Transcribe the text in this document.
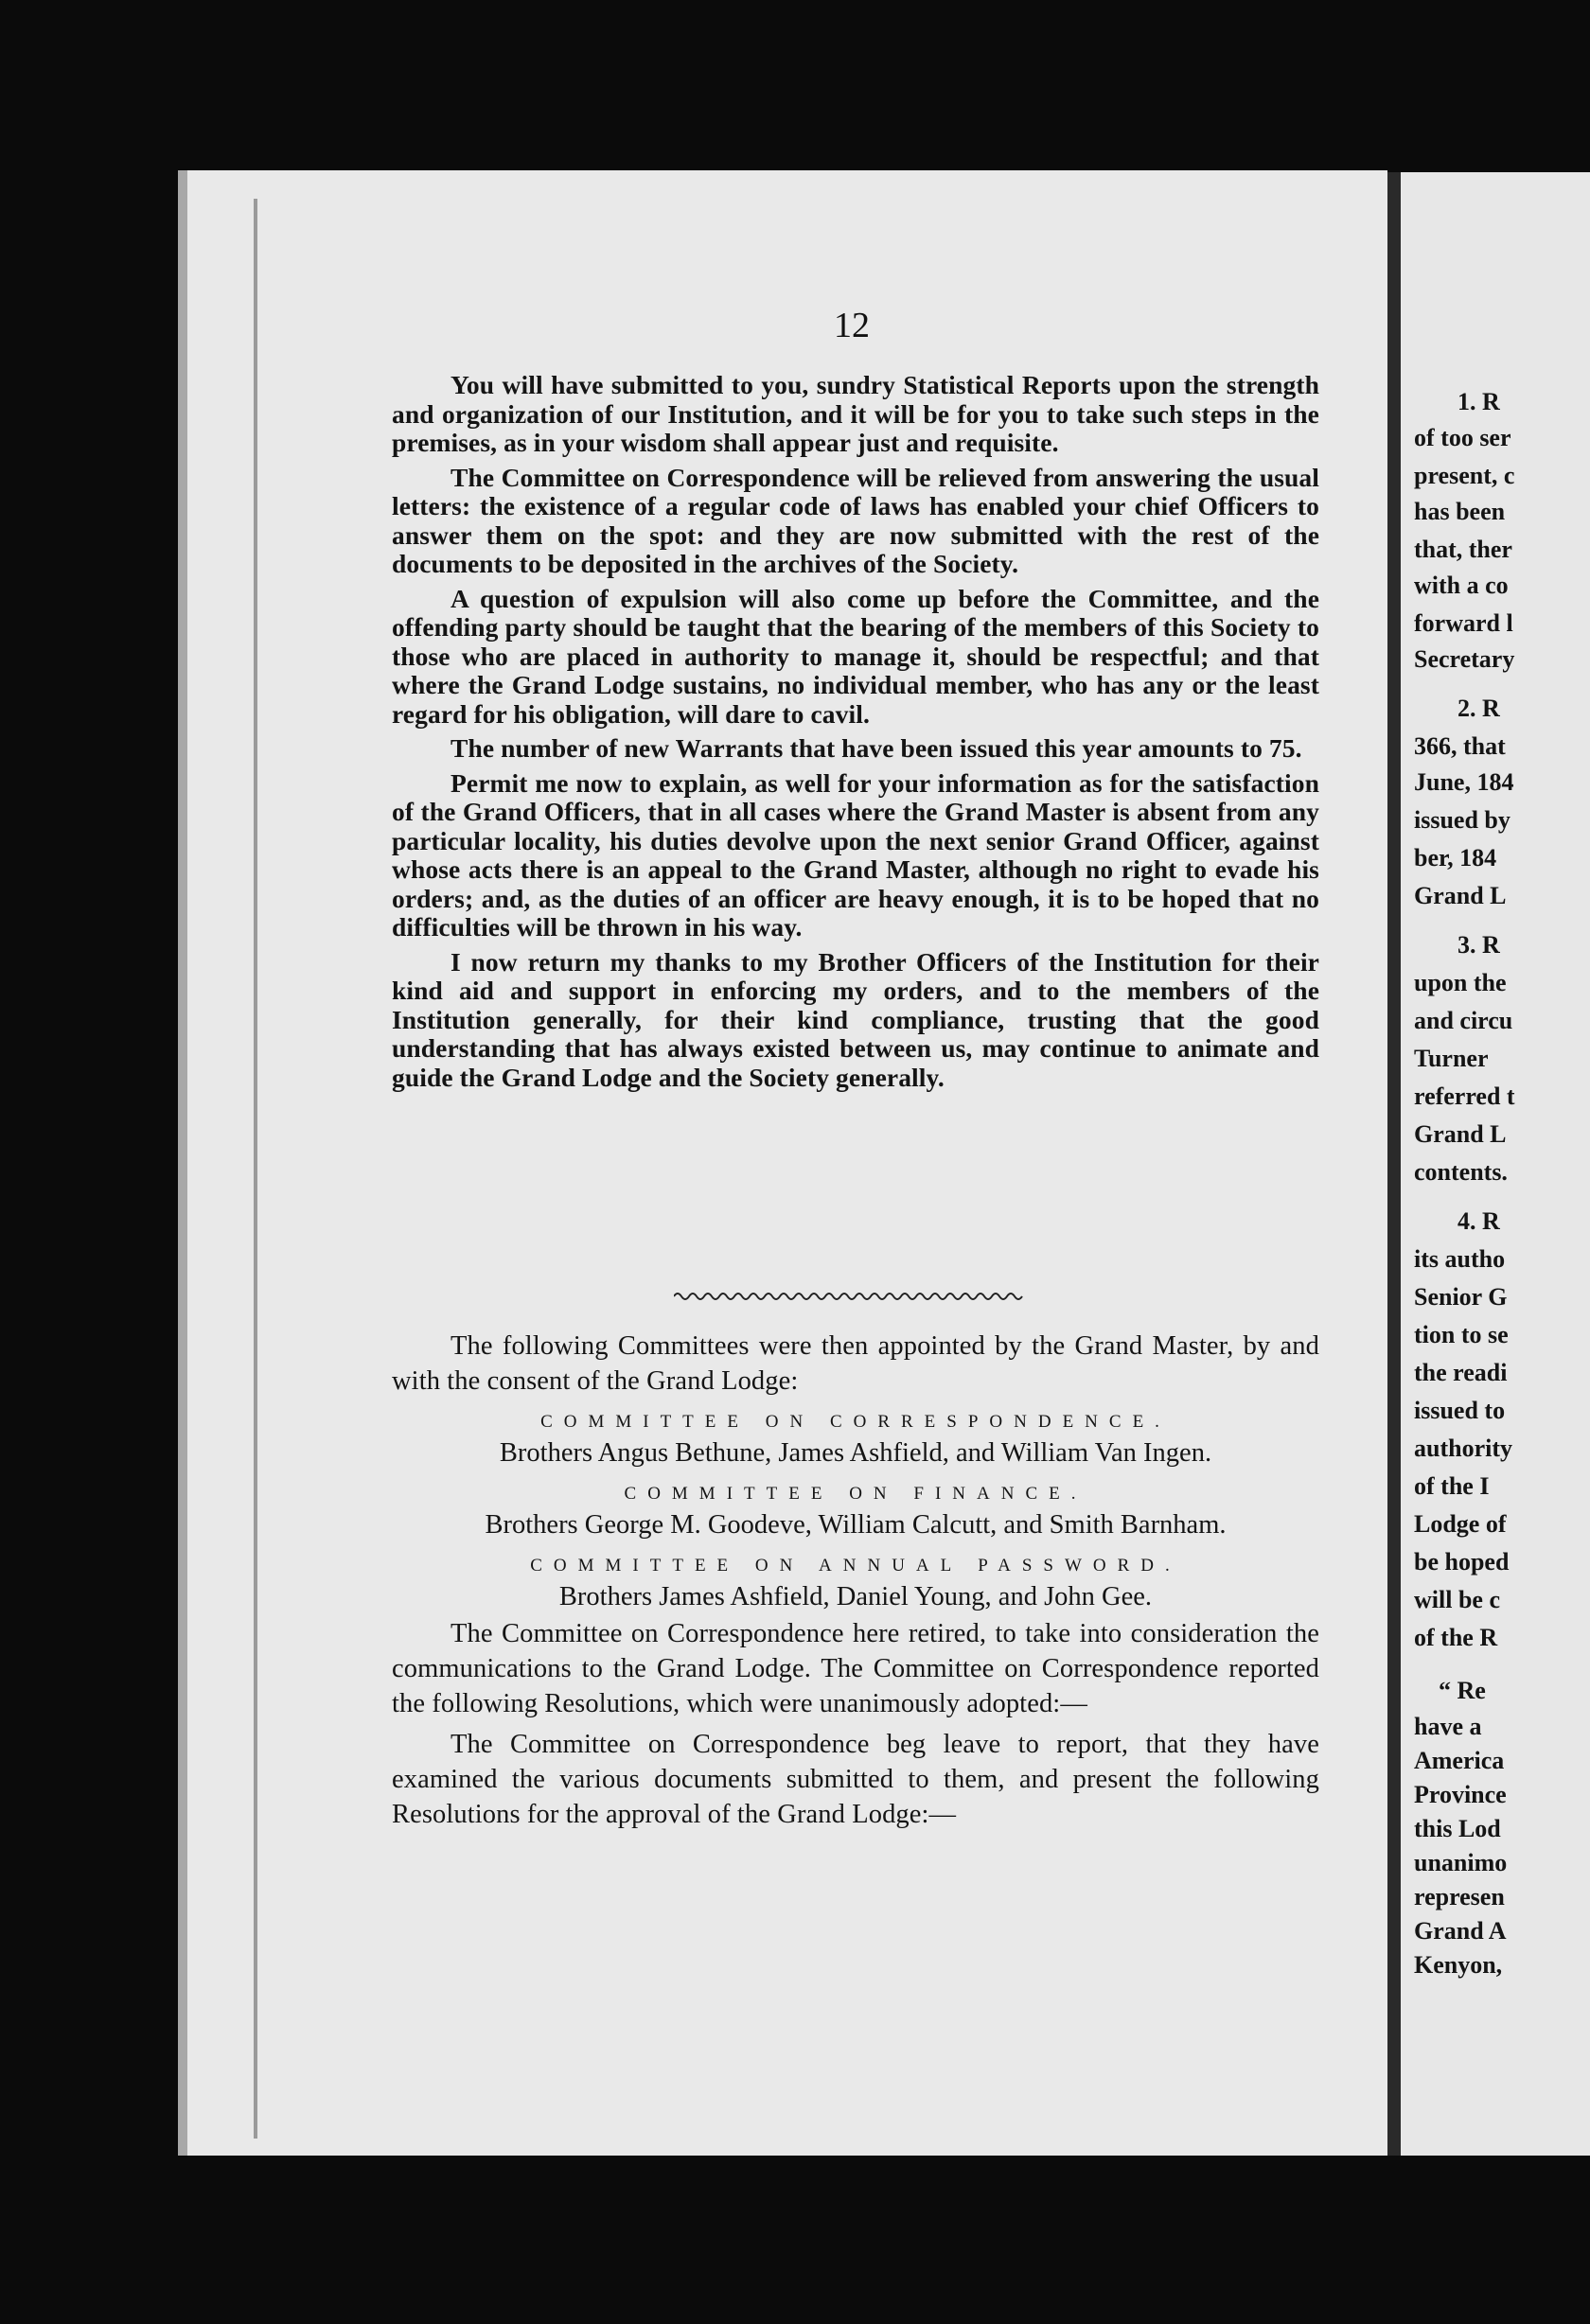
1. R
of too ser
present, c
has been
that, ther
with a co
forward l
Secretary
2. R
366, that
June, 184
issued by
ber, 184
Grand L
3. R
upon the
and circu
Turner
referred t
Grand L
contents.
4. R
its autho
Senior G
tion to se
the readi
issued to
authority
of the I
Lodge of
be hoped
will be c
of the R
“ Re
have a
America
Province
this Lod
unanimo
represen
Grand A
Kenyon,
12

You will have submitted to you, sundry Statistical Reports upon the strength and organization of our Institution, and it will be for you to take such steps in the premises, as in your wisdom shall appear just and requisite.

The Committee on Correspondence will be relieved from answering the usual letters: the existence of a regular code of laws has enabled your chief Officers to answer them on the spot: and they are now submitted with the rest of the documents to be deposited in the archives of the Society.

A question of expulsion will also come up before the Committee, and the offending party should be taught that the bearing of the members of this Society to those who are placed in authority to manage it, should be respectful; and that where the Grand Lodge sustains, no individual member, who has any or the least regard for his obligation, will dare to cavil.

The number of new Warrants that have been issued this year amounts to 75.

Permit me now to explain, as well for your information as for the satisfaction of the Grand Officers, that in all cases where the Grand Master is absent from any particular locality, his duties devolve upon the next senior Grand Officer, against whose acts there is an appeal to the Grand Master, although no right to evade his orders; and, as the duties of an officer are heavy enough, it is to be hoped that no difficulties will be thrown in his way.

I now return my thanks to my Brother Officers of the Institution for their kind aid and support in enforcing my orders, and to the members of the Institution generally, for their kind compliance, trusting that the good understanding that has always existed between us, may continue to animate and guide the Grand Lodge and the Society generally.

The following Committees were then appointed by the Grand Master, by and with the consent of the Grand Lodge:

COMMITTEE ON CORRESPONDENCE.

Brothers Angus Bethune, James Ashfield, and William Van Ingen.

COMMITTEE ON FINANCE.

Brothers George M. Goodeve, William Calcutt, and Smith Barnham.

COMMITTEE ON ANNUAL PASSWORD.

Brothers James Ashfield, Daniel Young, and John Gee.

The Committee on Correspondence here retired, to take into consideration the communications to the Grand Lodge. The Committee on Correspondence reported the following Resolutions, which were unanimously adopted:—

The Committee on Correspondence beg leave to report, that they have examined the various documents submitted to them, and present the following Resolutions for the approval of the Grand Lodge:—
